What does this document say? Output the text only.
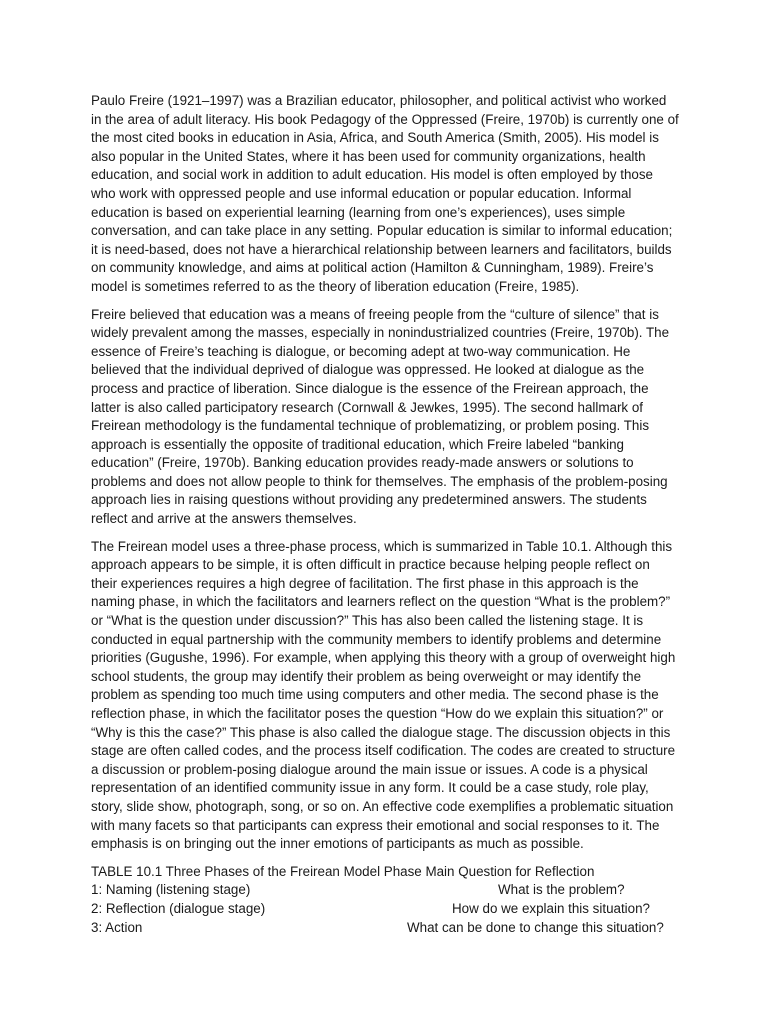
Paulo Freire (1921–1997) was a Brazilian educator, philosopher, and political activist who worked in the area of adult literacy. His book Pedagogy of the Oppressed (Freire, 1970b) is currently one of the most cited books in education in Asia, Africa, and South America (Smith, 2005). His model is also popular in the United States, where it has been used for community organizations, health education, and social work in addition to adult education. His model is often employed by those who work with oppressed people and use informal education or popular education. Informal education is based on experiential learning (learning from one’s experiences), uses simple conversation, and can take place in any setting. Popular education is similar to informal education; it is need-based, does not have a hierarchical relationship between learners and facilitators, builds on community knowledge, and aims at political action (Hamilton & Cunningham, 1989). Freire’s model is sometimes referred to as the theory of liberation education (Freire, 1985).

Freire believed that education was a means of freeing people from the “culture of silence” that is widely prevalent among the masses, especially in nonindustrialized countries (Freire, 1970b). The essence of Freire’s teaching is dialogue, or becoming adept at two-way communication. He believed that the individual deprived of dialogue was oppressed. He looked at dialogue as the process and practice of liberation. Since dialogue is the essence of the Freirean approach, the latter is also called participatory research (Cornwall & Jewkes, 1995). The second hallmark of Freirean methodology is the fundamental technique of problematizing, or problem posing. This approach is essentially the opposite of traditional education, which Freire labeled “banking education” (Freire, 1970b). Banking education provides ready-made answers or solutions to problems and does not allow people to think for themselves. The emphasis of the problem-posing approach lies in raising questions without providing any predetermined answers. The students reflect and arrive at the answers themselves.

The Freirean model uses a three-phase process, which is summarized in Table 10.1. Although this approach appears to be simple, it is often difficult in practice because helping people reflect on their experiences requires a high degree of facilitation. The first phase in this approach is the naming phase, in which the facilitators and learners reflect on the question “What is the problem?” or “What is the question under discussion?” This has also been called the listening stage. It is conducted in equal partnership with the community members to identify problems and determine priorities (Gugushe, 1996). For example, when applying this theory with a group of overweight high school students, the group may identify their problem as being overweight or may identify the problem as spending too much time using computers and other media. The second phase is the reflection phase, in which the facilitator poses the question “How do we explain this situation?” or “Why is this the case?” This phase is also called the dialogue stage. The discussion objects in this stage are often called codes, and the process itself codification. The codes are created to structure a discussion or problem-posing dialogue around the main issue or issues. A code is a physical representation of an identified community issue in any form. It could be a case study, role play, story, slide show, photograph, song, or so on. An effective code exemplifies a problematic situation with many facets so that participants can express their emotional and social responses to it. The emphasis is on bringing out the inner emotions of participants as much as possible.

TABLE 10.1 Three Phases of the Freirean Model Phase Main Question for Reflection

1: Naming (listening stage)	What is the problem?
2: Reflection (dialogue stage)	How do we explain this situation?
3: Action	What can be done to change this situation?
